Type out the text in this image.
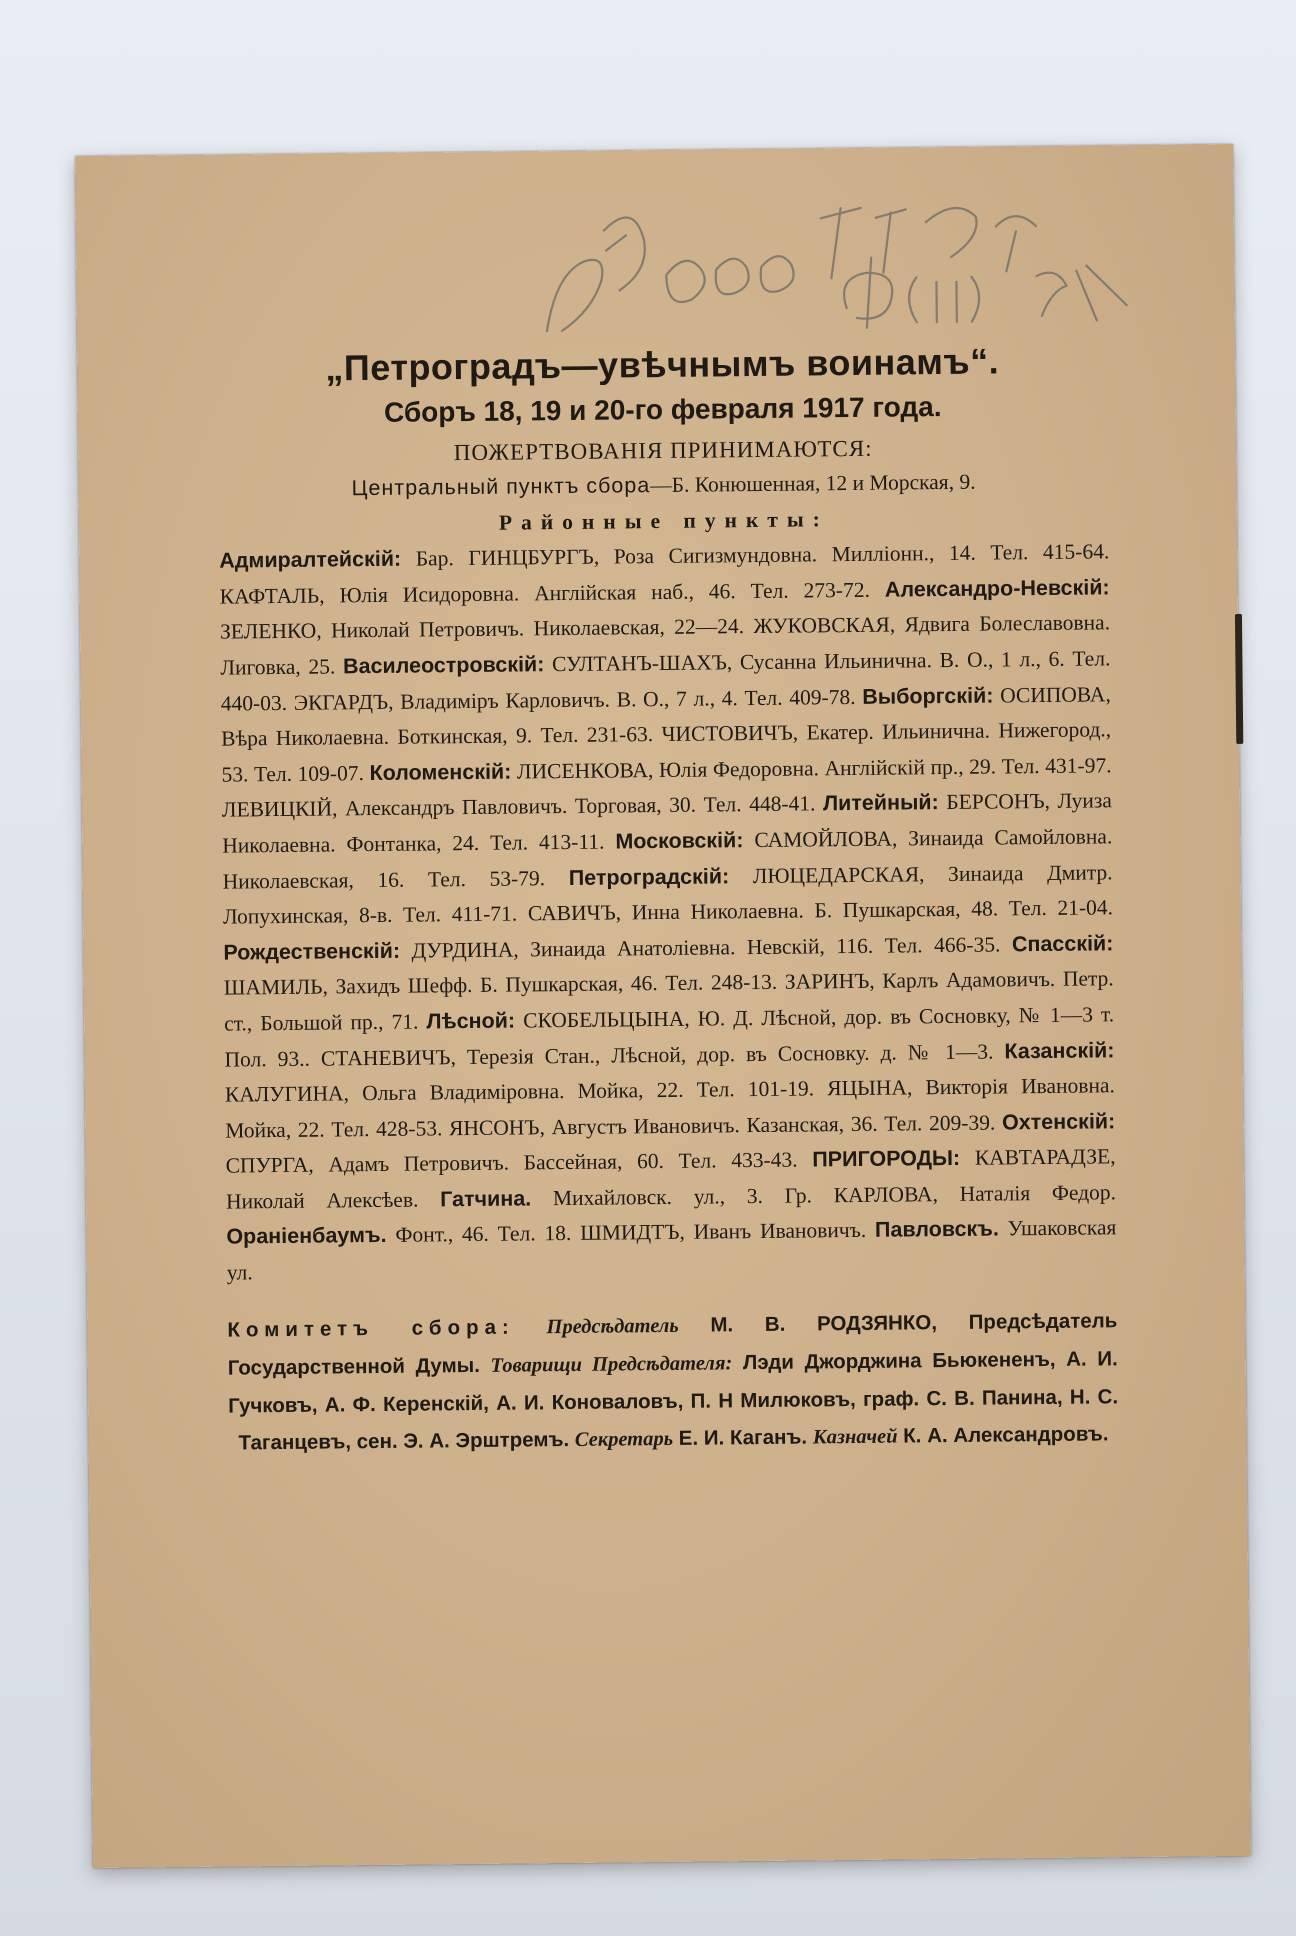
„Петроградъ—увѣчнымъ воинамъ“.
Сборъ 18, 19 и 20-го февраля 1917 года.
ПОЖЕРТВОВАНІЯ ПРИНИМАЮТСЯ:
Центральный пунктъ сбора—Б. Конюшенная, 12 и Морская, 9.
Районные пункты:
Адмиралтейскій: Бар. ГИНЦБУРГЪ, Роза Сигизмундовна. Милліонн., 14. Тел. 415-64. КАФТАЛЬ, Юлія Исидоровна. Англійская наб., 46. Тел. 273-72. Александро-Невскій: ЗЕЛЕНКО, Николай Петровичъ. Николаевская, 22—24. ЖУКОВСКАЯ, Ядвига Болеславовна. Лиговка, 25. Василеостровскій: СУЛТАНЪ-ШАХЪ, Сусанна Ильинична. В. О., 1 л., 6. Тел. 440-03. ЭКГАРДЪ, Владиміръ Карловичъ. В. О., 7 л., 4. Тел. 409-78. Выборгскій: ОСИПОВА, Вѣра Николаевна. Боткинская, 9. Тел. 231-63. ЧИСТОВИЧЪ, Екатер. Ильинична. Нижегород., 53. Тел. 109-07. Коломенскій: ЛИСЕНКОВА, Юлія Федоровна. Англійскій пр., 29. Тел. 431-97. ЛЕВИЦКІЙ, Александръ Павловичъ. Торговая, 30. Тел. 448-41. Литейный: БЕРСОНЪ, Луиза Николаевна. Фонтанка, 24. Тел. 413-11. Московскій: САМОЙЛОВА, Зинаида Самойловна. Николаевская, 16. Тел. 53-79. Петроградскій: ЛЮЦЕДАРСКАЯ, Зинаида Дмитр. Лопухинская, 8-в. Тел. 411-71. САВИЧЪ, Инна Николаевна. Б. Пушкарская, 48. Тел. 21-04. Рождественскій: ДУРДИНА, Зинаида Анатоліевна. Невскій, 116. Тел. 466-35. Спасскій: ШАМИЛЬ, Захидъ Шефф. Б. Пушкарская, 46. Тел. 248-13. ЗАРИНЪ, Карлъ Адамовичъ. Петр. ст., Большой пр., 71. Лѣсной: СКОБЕЛЬЦЫНА, Ю. Д. Лѣсной, дор. въ Сосновку, № 1—3 т. Пол. 93.. СТАНЕВИЧЪ, Терезія Стан., Лѣсной, дор. въ Сосновку. д. № 1—3. Казанскій: КАЛУГИНА, Ольга Владиміровна. Мойка, 22. Тел. 101-19. ЯЦЫНА, Викторія Ивановна. Мойка, 22. Тел. 428-53. ЯНСОНЪ, Августъ Ивановичъ. Казанская, 36. Тел. 209-39. Охтенскій: СПУРГА, Адамъ Петровичъ. Бассейная, 60. Тел. 433-43. ПРИГОРОДЫ: КАВТАРАДЗЕ, Николай Алексѣев. Гатчина. Михайловск. ул., 3. Гр. КАРЛОВА, Наталія Федор. Ораніенбаумъ. Фонт., 46. Тел. 18. ШМИДТЪ, Иванъ Ивановичъ. Павловскъ. Ушаковская ул.
Комитетъ сбора: Предсѣдатель М. В. РОДЗЯНКО, Предсѣдатель Государственной Думы. Товарищи Предсѣдателя: Лэди Джорджина Бьюкененъ, А. И. Гучковъ, А. Ф. Керенскій, А. И. Коноваловъ, П. Н Милюковъ, граф. С. В. Панина, Н. С. Таганцевъ, сен. Э. А. Эрштремъ. Секретарь Е. И. Каганъ. Казначей К. А. Александровъ.
